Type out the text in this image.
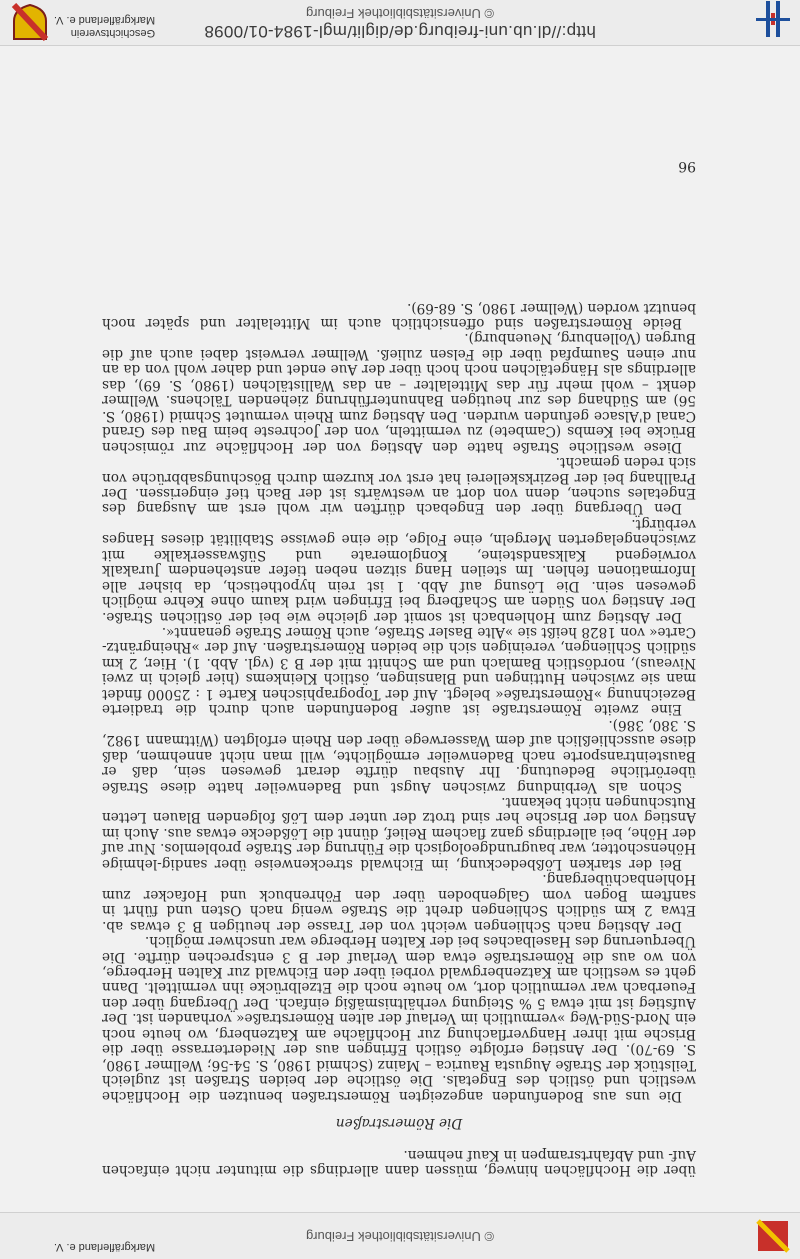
© Universitätsbibliothek Freiburg
Markgräflerland e. V.

über die Hochflächen hinweg, müssen dann allerdings die mitunter nicht einfachen Auf- und Abfahrtsrampen in Kauf nehmen.

Die Römerstraßen

Die uns aus Bodenfunden angezeigten Römerstraßen benutzen die Hochfläche westlich und östlich des Engetals. Die östliche der beiden Straßen ist zugleich Teilstück der Straße Augusta Raurica – Mainz (Schmid 1980, S. 54-56; Wellmer 1980, S. 69-70). Der Anstieg erfolgte östlich Efringen aus der Niederterrasse über die Brische mit ihrer Hangverflachung zur Hochfläche am Katzenberg, wo heute noch ein Nord-Süd-Weg »vermutlich im Verlauf der alten Römerstraße« vorhanden ist. Der Aufstieg ist mit etwa 5 % Steigung verhältnismäßig einfach. Der Übergang über den Feuerbach war vermutlich dort, wo heute noch die Etzelbrücke ihn vermittelt. Dann geht es westlich am Katzenbergwald vorbei über den Eichwald zur Kalten Herberge, von wo aus die Römerstraße etwa dem Verlauf der B 3 entsprechen dürfte. Die Überquerung des Haselbaches bei der Kalten Herberge war unschwer möglich.

Der Abstieg nach Schliengen weicht von der Trasse der heutigen B 3 etwas ab. Etwa 2 km südlich Schliengen dreht die Straße wenig nach Osten und führt in sanftem Bogen vom Galgenboden über den Föhrenbuck und Hofacker zum Hohlenbachübergang.

Bei der starken Lößbedeckung, im Eichwald streckenweise über sandig-lehmige Höhenschotter, war baugrundgeologisch die Führung der Straße problemlos. Nur auf der Höhe, bei allerdings ganz flachem Relief, dünnt die Lößdecke etwas aus. Auch im Anstieg von der Brische her sind trotz der unter dem Löß folgenden Blauen Letten Rutschungen nicht bekannt.

Schon als Verbindung zwischen Augst und Badenweiler hatte diese Straße überörtliche Bedeutung. Ihr Ausbau dürfte derart gewesen sein, daß er Bausteintransporte nach Badenweiler ermöglichte, will man nicht annehmen, daß diese ausschließlich auf dem Wasserwege über den Rhein erfolgten (Wittmann 1982, S. 380, 386).

Eine zweite Römerstraße ist außer Bodenfunden auch durch die tradierte Bezeichnung »Römerstraße« belegt. Auf der Topographischen Karte 1 : 25000 findet man sie zwischen Huttingen und Blansingen, östlich Kleinkems (hier gleich in zwei Niveaus), nordöstlich Bamlach und am Schnitt mit der B 3 (vgl. Abb. 1). Hier, 2 km südlich Schliengen, vereinigen sich die beiden Römerstraßen. Auf der »Rheingräntz-Carte« von 1828 heißt sie »Alte Basler Straße, auch Römer Straße genannt«.

Der Abstieg zum Hohlenbach ist somit der gleiche wie bei der östlichen Straße. Der Anstieg von Süden am Schafberg bei Efringen wird kaum ohne Kehre möglich gewesen sein. Die Lösung auf Abb. 1 ist rein hypothetisch, da bisher alle Informationen fehlen. Im steilen Hang sitzen neben tiefer anstehendem Jurakalk vorwiegend Kalksandsteine, Konglomerate und Süßwasserkalke mit zwischengelagerten Mergeln, eine Folge, die eine gewisse Stabilität dieses Hanges verbürgt.

Den Übergang über den Engebach dürften wir wohl erst am Ausgang des Engetales suchen, denn von dort an westwärts ist der Bach tief eingerissen. Der Prallhang bei der Bezirkskellerei hat erst vor kurzem durch Böschungsabbrüche von sich reden gemacht.

Diese westliche Straße hatte den Abstieg von der Hochfläche zur römischen Brücke bei Kembs (Cambete) zu vermitteln, von der Jochreste beim Bau des Grand Canal d'Alsace gefunden wurden. Den Abstieg zum Rhein vermutet Schmid (1980, S. 56) am Südhang des zur heutigen Bahnunterführung ziehenden Tälchens. Wellmer denkt – wohl mehr für das Mittelalter – an das Wallistälchen (1980, S. 69), das allerdings als Hängetälchen noch hoch über der Aue endet und daher wohl von da an nur einen Saumpfad über die Felsen zuließ. Wellmer verweist dabei auch auf die Burgen (Vollenburg, Neuenburg).

Beide Römerstraßen sind offensichtlich auch im Mittelalter und später noch benutzt worden (Wellmer 1980, S. 68-69).

96
http://dl.ub.uni-freiburg.de/diglit/mgl-1984-01/0098
© Universitätsbibliothek Freiburg
Geschichtsverein
Markgräflerland e. V.
